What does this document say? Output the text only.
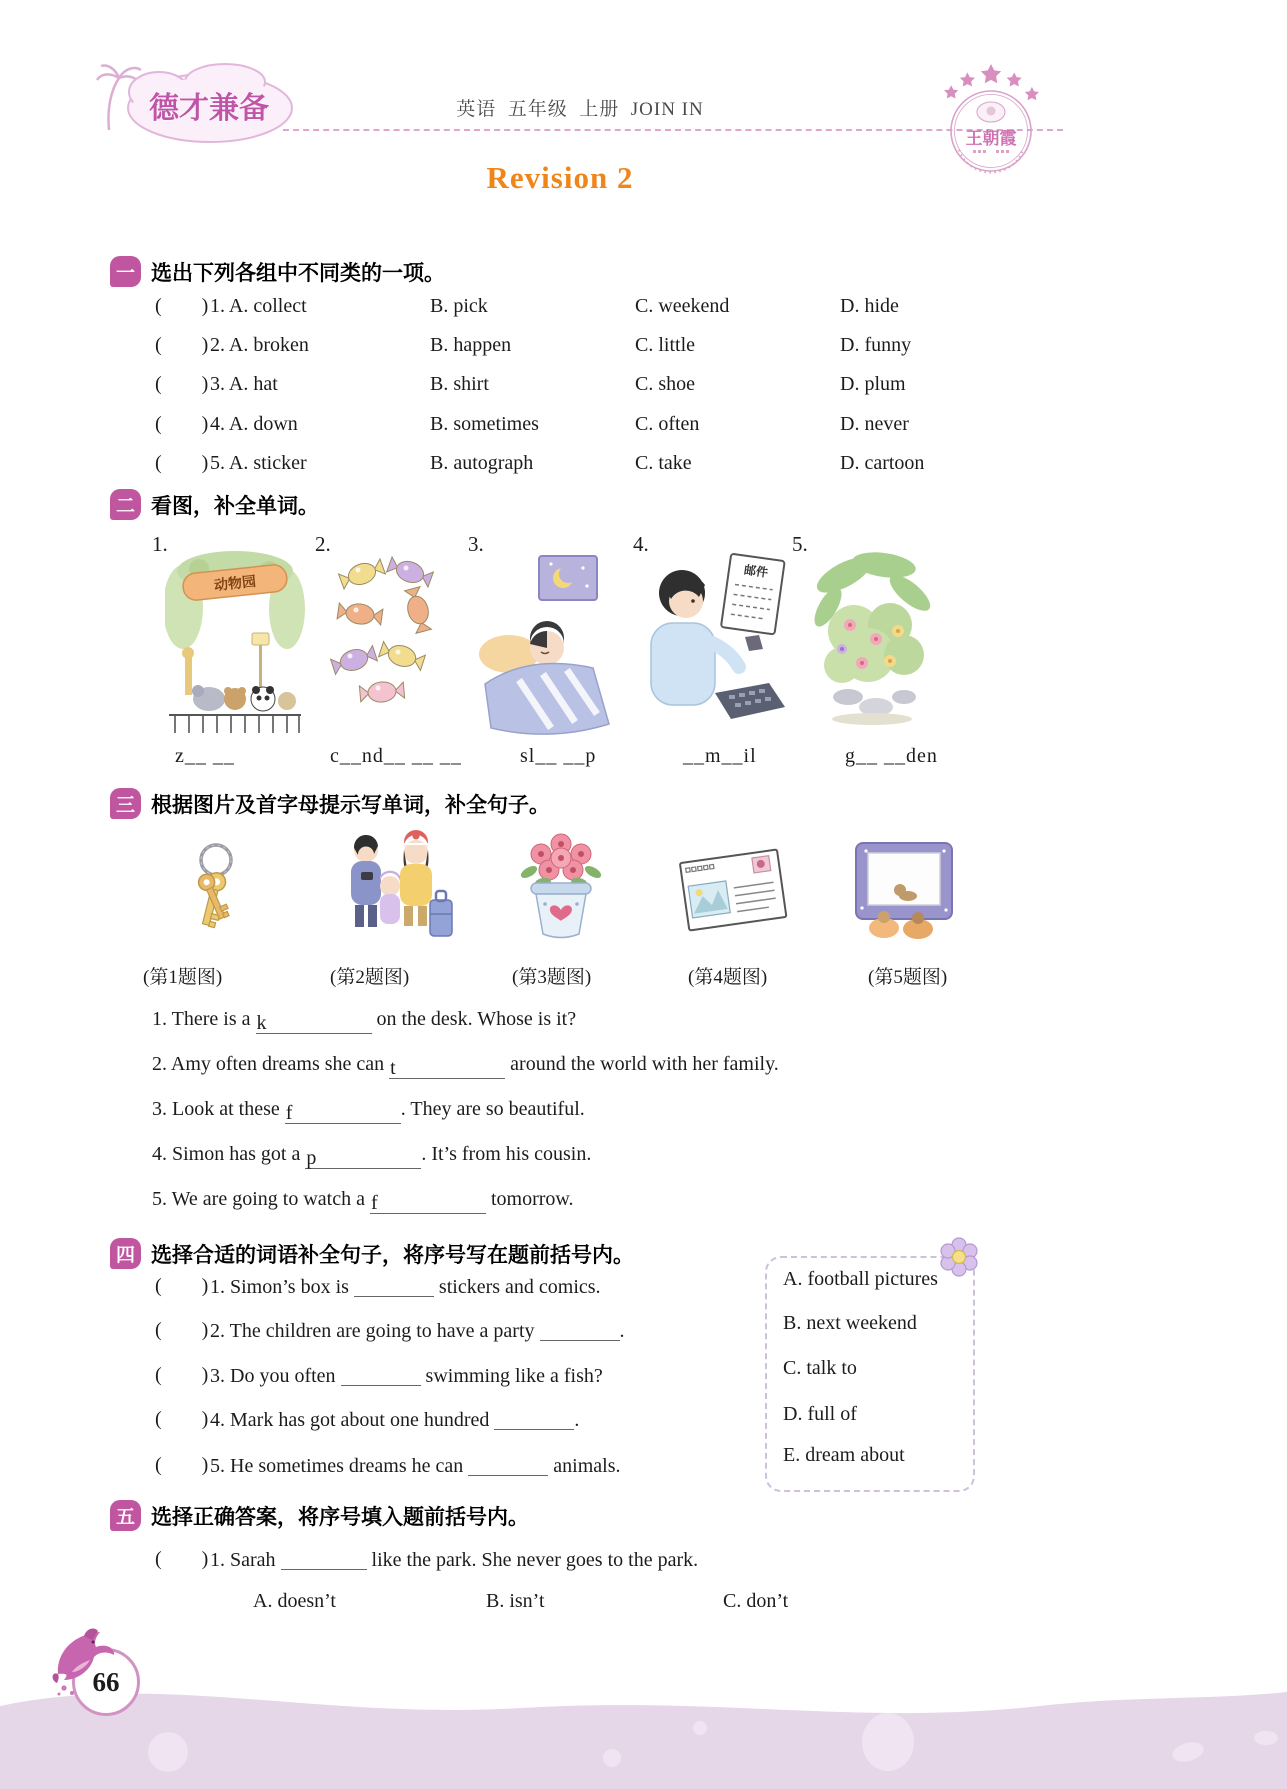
德才兼备	英语  五年级  上册  JOIN IN
王朝霞
Revision 2
一 选出下列各组中不同类的一项。
(        ) 1. A. collect	B. pick	C. weekend	D. hide
(        ) 2. A. broken	B. happen	C. little	D. funny
(        ) 3. A. hat	B. shirt	C. shoe	D. plum
(        ) 4. A. down	B. sometimes	C. often	D. never
(        ) 5. A. sticker	B. autograph	C. take	D. cartoon
二 看图，补全单词。
1.	2.	3.	4.	5.
动物园
邮件
z__ __	c__nd__ __ __	sl__ __p	__m__il	g__ __den
三 根据图片及首字母提示写单词，补全句子。
(第1题图)	(第2题图)	(第3题图)	(第4题图)	(第5题图)
1. There is a k	on the desk. Whose is it?
2. Amy often dreams she can t	around the world with her family.
3. Look at these f	. They are so beautiful.
4. Simon has got a p	. It’s from his cousin.
5. We are going to watch a f	tomorrow.
四 选择合适的词语补全句子，将序号写在题前括号内。
(        ) 1. Simon’s box is	stickers and comics.
(        ) 2. The children are going to have a party	.
(        ) 3. Do you often	swimming like a fish?
(        ) 4. Mark has got about one hundred	.
(        ) 5. He sometimes dreams he can	animals.
A. football pictures
B. next weekend
C. talk to
D. full of
E. dream about
五 选择正确答案，将序号填入题前括号内。
(        ) 1. Sarah	like the park. She never goes to the park.
A. doesn’t	B. isn’t	C. don’t
66
